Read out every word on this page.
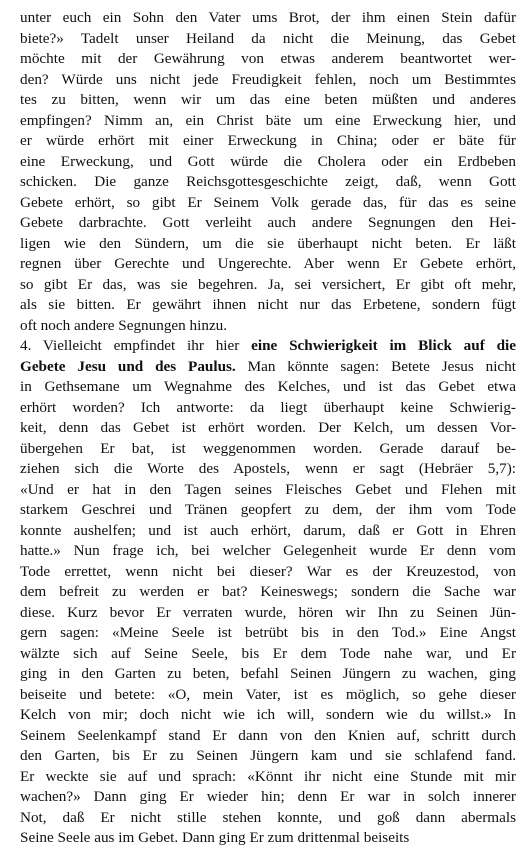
unter euch ein Sohn den Vater ums Brot, der ihm einen Stein dafür
biete?» Tadelt unser Heiland da nicht die Meinung, das Gebet
möchte mit der Gewährung von etwas anderem beantwortet wer-
den? Würde uns nicht jede Freudigkeit fehlen, noch um Bestimmtes
tes zu bitten, wenn wir um das eine beten müßten und anderes
empfingen? Nimm an, ein Christ bäte um eine Erweckung hier, und
er würde erhört mit einer Erweckung in China; oder er bäte für
eine Erweckung, und Gott würde die Cholera oder ein Erdbeben
schicken. Die ganze Reichsgottesgeschichte zeigt, daß, wenn Gott
Gebete erhört, so gibt Er Seinem Volk gerade das, für das es seine
Gebete darbrachte. Gott verleiht auch andere Segnungen den Hei-
ligen wie den Sündern, um die sie überhaupt nicht beten. Er läßt
regnen über Gerechte und Ungerechte. Aber wenn Er Gebete erhört,
so gibt Er das, was sie begehren. Ja, sei versichert, Er gibt oft mehr,
als sie bitten. Er gewährt ihnen nicht nur das Erbetene, sondern fügt
oft noch andere Segnungen hinzu.
4. Vielleicht empfindet ihr hier eine Schwierigkeit im Blick auf die
Gebete Jesu und des Paulus. Man könnte sagen: Betete Jesus nicht
in Gethsemane um Wegnahme des Kelches, und ist das Gebet etwa
erhört worden? Ich antworte: da liegt überhaupt keine Schwierig-
keit, denn das Gebet ist erhört worden. Der Kelch, um dessen Vor-
übergehen Er bat, ist weggenommen worden. Gerade darauf be-
ziehen sich die Worte des Apostels, wenn er sagt (Hebräer 5,7):
«Und er hat in den Tagen seines Fleisches Gebet und Flehen mit
starkem Geschrei und Tränen geopfert zu dem, der ihm vom Tode
konnte aushelfen; und ist auch erhört, darum, daß er Gott in Ehren
hatte.» Nun frage ich, bei welcher Gelegenheit wurde Er denn vom
Tode errettet, wenn nicht bei dieser? War es der Kreuzestod, von
dem befreit zu werden er bat? Keineswegs; sondern die Sache war
diese. Kurz bevor Er verraten wurde, hören wir Ihn zu Seinen Jün-
gern sagen: «Meine Seele ist betrübt bis in den Tod.» Eine Angst
wälzte sich auf Seine Seele, bis Er dem Tode nahe war, und Er
ging in den Garten zu beten, befahl Seinen Jüngern zu wachen, ging
beiseite und betete: «O, mein Vater, ist es möglich, so gehe dieser
Kelch von mir; doch nicht wie ich will, sondern wie du willst.» In
Seinem Seelenkampf stand Er dann von den Knien auf, schritt durch
den Garten, bis Er zu Seinen Jüngern kam und sie schlafend fand.
Er weckte sie auf und sprach: «Könnt ihr nicht eine Stunde mit mir
wachen?» Dann ging Er wieder hin; denn Er war in solch innerer
Not, daß Er nicht stille stehen konnte, und goß dann abermals
Seine Seele aus im Gebet. Dann ging Er zum drittenmal beiseits
